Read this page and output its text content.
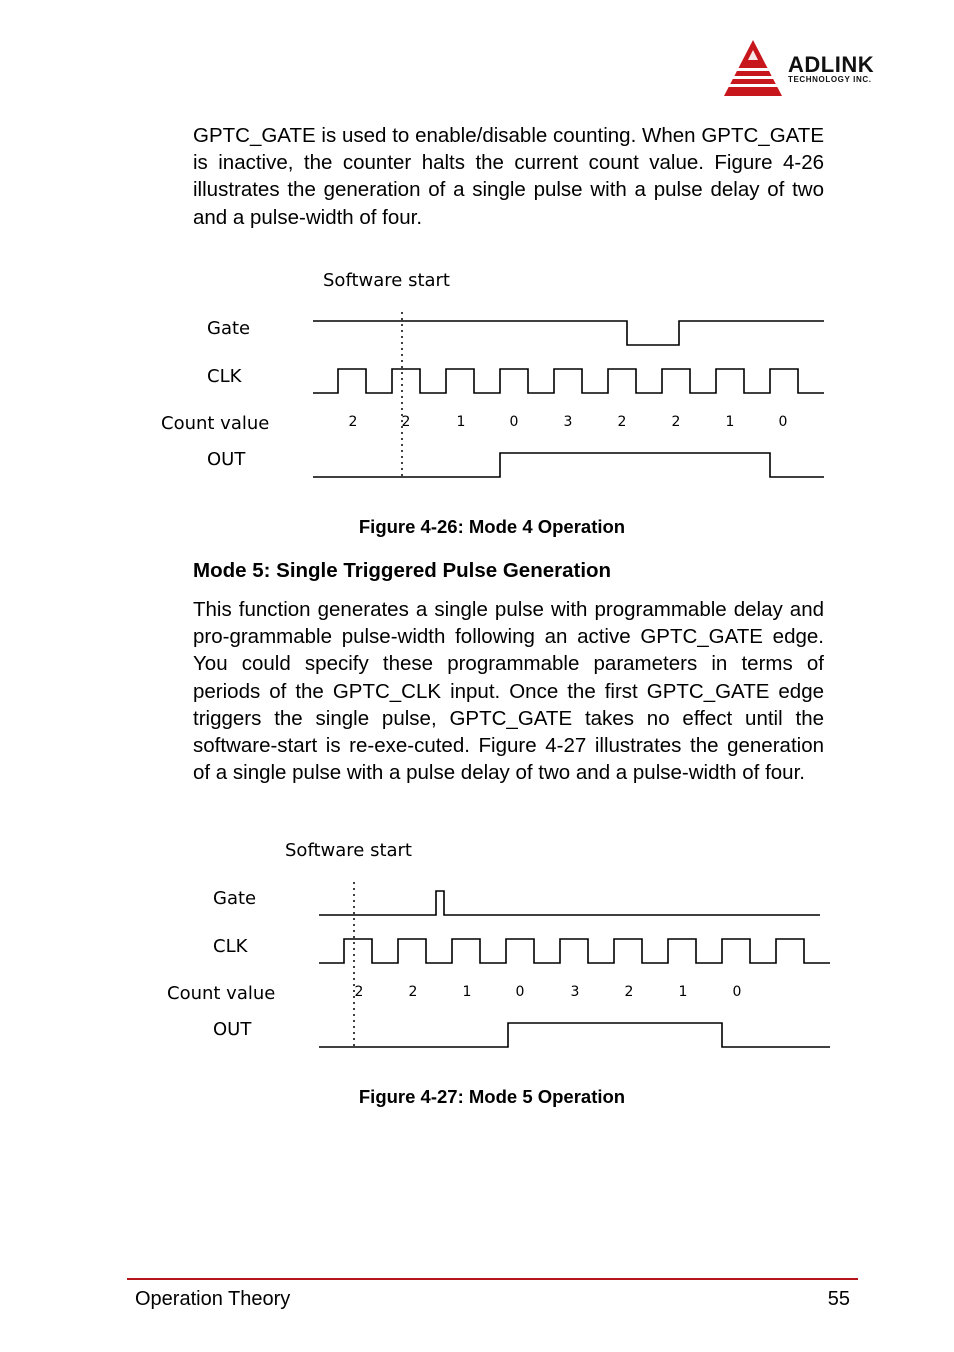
ADLINK
TECHNOLOGY INC.

GPTC_GATE is used to enable/disable counting. When GPTC_GATE is inactive, the counter halts the current count value. Figure 4-26 illustrates the generation of a single pulse with a pulse delay of two and a pulse-width of four.

Software start
Gate
CLK
Count value
OUT
2	2	1	0	3	2	2	1	0

Figure 4-26: Mode 4 Operation

Mode 5: Single Triggered Pulse Generation

This function generates a single pulse with programmable delay and pro-grammable pulse-width following an active GPTC_GATE edge. You could specify these programmable parameters in terms of periods of the GPTC_CLK input. Once the first GPTC_GATE edge triggers the single pulse, GPTC_GATE takes no effect until the software-start is re-exe-cuted. Figure 4-27 illustrates the generation of a single pulse with a pulse delay of two and a pulse-width of four.

Software start
Gate
CLK
Count value
OUT
2	2	1	0	3	2	1	0

Figure 4-27: Mode 5 Operation

Operation Theory	55
